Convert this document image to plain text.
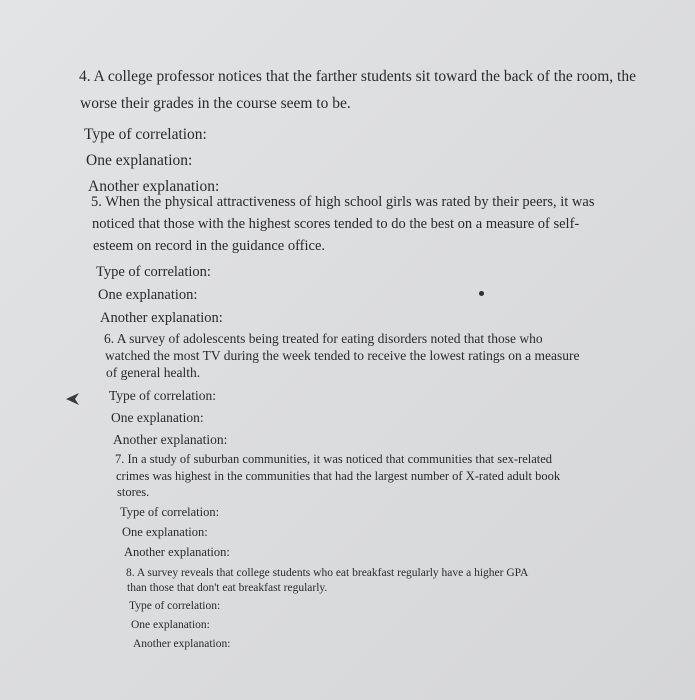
4. A college professor notices that the farther students sit toward the back of the room, the
worse their grades in the course seem to be.
Type of correlation:
One explanation:
Another explanation:
5. When the physical attractiveness of high school girls was rated by their peers, it was
noticed that those with the highest scores tended to do the best on a measure of self-
esteem on record in the guidance office.
Type of correlation:
One explanation:
Another explanation:
6. A survey of adolescents being treated for eating disorders noted that those who
watched the most TV during the week tended to receive the lowest ratings on a measure
of general health.
Type of correlation:
One explanation:
Another explanation:
7. In a study of suburban communities, it was noticed that communities that sex-related
crimes was highest in the communities that had the largest number of X-rated adult book
stores.
Type of correlation:
One explanation:
Another explanation:
8. A survey reveals that college students who eat breakfast regularly have a higher GPA
than those that don't eat breakfast regularly.
Type of correlation:
One explanation:
Another explanation:
